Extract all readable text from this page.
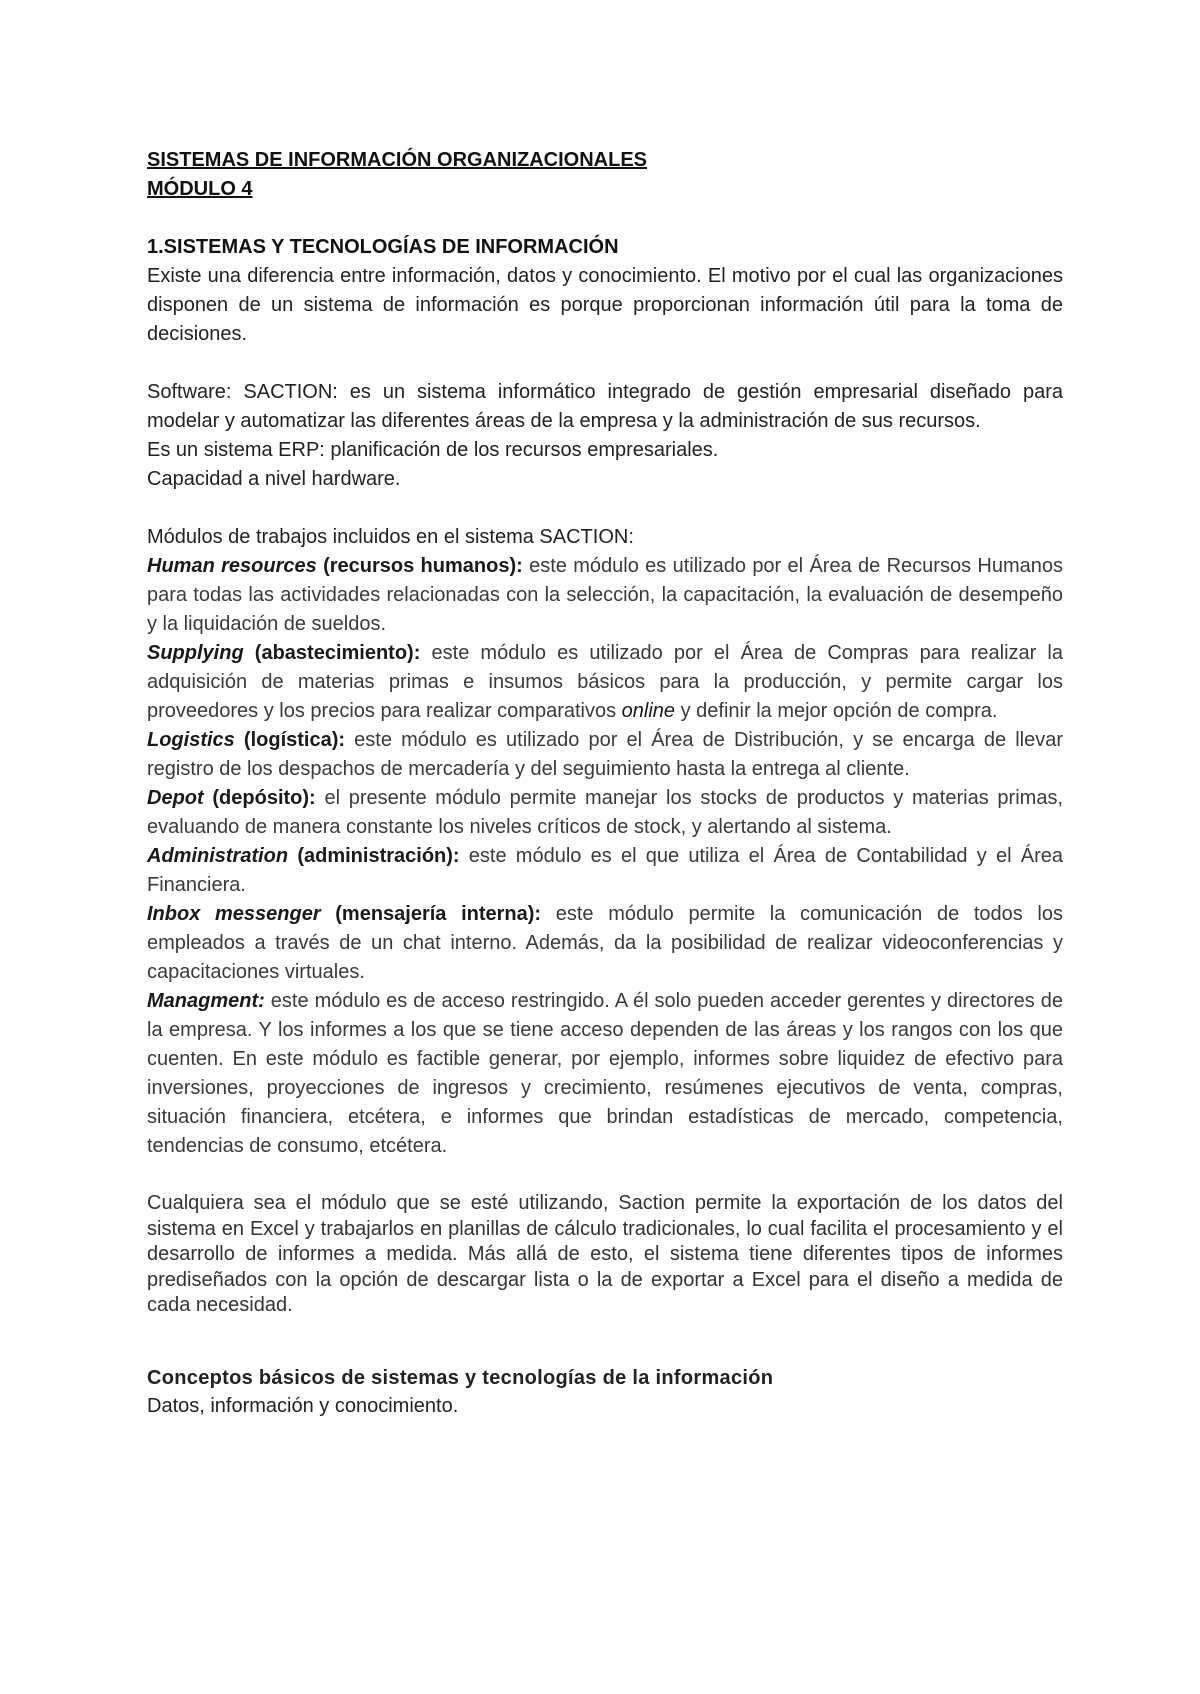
SISTEMAS DE INFORMACIÓN ORGANIZACIONALES
MÓDULO 4
1.SISTEMAS Y TECNOLOGÍAS DE INFORMACIÓN
Existe una diferencia entre información, datos y conocimiento. El motivo por el cual las organizaciones disponen de un sistema de información es porque proporcionan información útil para la toma de decisiones.
Software: SACTION: es un sistema informático integrado de gestión empresarial diseñado para modelar y automatizar las diferentes áreas de la empresa y la administración de sus recursos.
Es un sistema ERP: planificación de los recursos empresariales.
Capacidad a nivel hardware.
Módulos de trabajos incluidos en el sistema SACTION:
Human resources (recursos humanos): este módulo es utilizado por el Área de Recursos Humanos para todas las actividades relacionadas con la selección, la capacitación, la evaluación de desempeño y la liquidación de sueldos.
Supplying (abastecimiento): este módulo es utilizado por el Área de Compras para realizar la adquisición de materias primas e insumos básicos para la producción, y permite cargar los proveedores y los precios para realizar comparativos online y definir la mejor opción de compra.
Logistics (logística): este módulo es utilizado por el Área de Distribución, y se encarga de llevar registro de los despachos de mercadería y del seguimiento hasta la entrega al cliente.
Depot (depósito): el presente módulo permite manejar los stocks de productos y materias primas, evaluando de manera constante los niveles críticos de stock, y alertando al sistema.
Administration (administración): este módulo es el que utiliza el Área de Contabilidad y el Área Financiera.
Inbox messenger (mensajería interna): este módulo permite la comunicación de todos los empleados a través de un chat interno. Además, da la posibilidad de realizar videoconferencias y capacitaciones virtuales.
Managment: este módulo es de acceso restringido. A él solo pueden acceder gerentes y directores de la empresa. Y los informes a los que se tiene acceso dependen de las áreas y los rangos con los que cuenten. En este módulo es factible generar, por ejemplo, informes sobre liquidez de efectivo para inversiones, proyecciones de ingresos y crecimiento, resúmenes ejecutivos de venta, compras, situación financiera, etcétera, e informes que brindan estadísticas de mercado, competencia, tendencias de consumo, etcétera.
Cualquiera sea el módulo que se esté utilizando, Saction permite la exportación de los datos del sistema en Excel y trabajarlos en planillas de cálculo tradicionales, lo cual facilita el procesamiento y el desarrollo de informes a medida. Más allá de esto, el sistema tiene diferentes tipos de informes prediseñados con la opción de descargar lista o la de exportar a Excel para el diseño a medida de cada necesidad.
Conceptos básicos de sistemas y tecnologías de la información
Datos, información y conocimiento.
